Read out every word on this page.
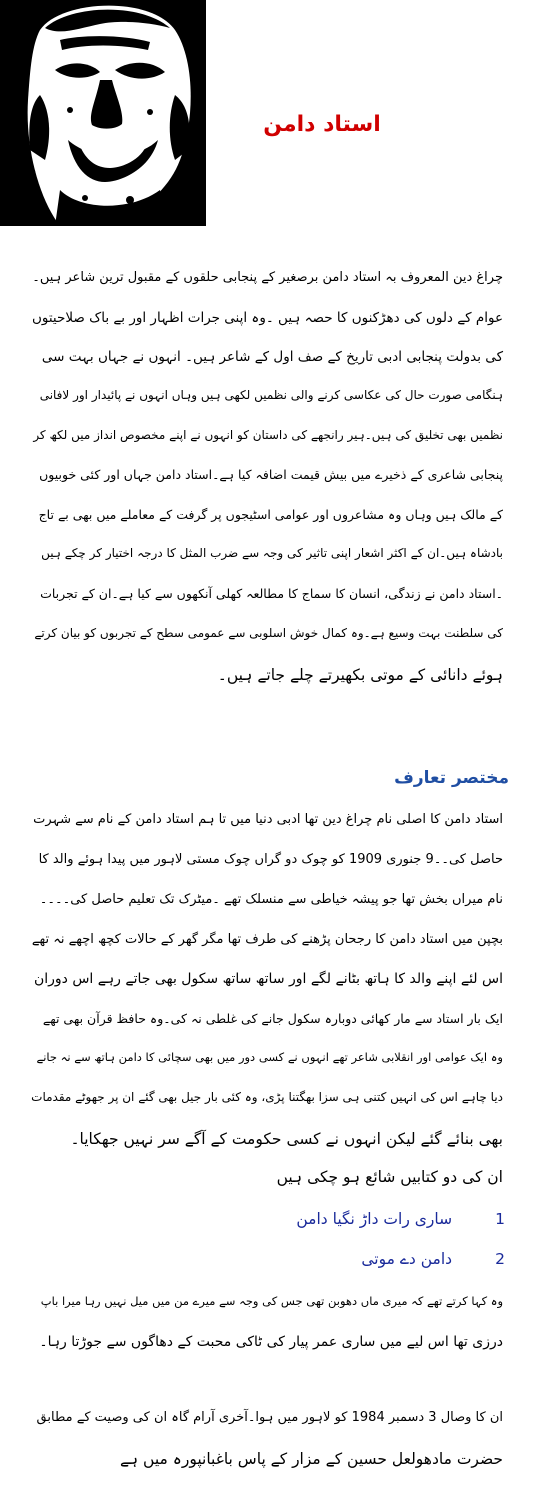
استاد دامن

چراغ دین المعروف بہ استاد دامن برصغیر کے پنجابی حلقوں کے مقبول ترین شاعر ہیں۔

عوام کے دلوں کی دھڑکنوں کا حصہ ہیں ۔وہ اپنی جرات اظہار اور بے باک صلاحیتوں

کی بدولت پنجابی ادبی تاریخ کے صف اول کے شاعر ہیں۔ انہوں نے جہاں بہت سی

ہنگامی صورت حال کی عکاسی کرنے والی نظمیں لکھی ہیں وہاں انہوں نے پائیدار اور لافانی

نظمیں بھی تخلیق کی ہیں۔ہیر رانجھے کی داستان کو انہوں نے اپنے مخصوص انداز میں لکھ کر

پنجابی شاعری کے ذخیرے میں بیش قیمت اضافہ کیا ہے۔استاد دامن جہاں اور کئی خوبیوں

کے مالک ہیں وہاں وہ مشاعروں اور عوامی اسٹیجوں پر گرفت کے معاملے میں بھی بے تاج

بادشاہ ہیں۔ان کے اکثر اشعار اپنی تاثیر کی وجہ سے ضرب المثل کا درجہ اختیار کر چکے ہیں

۔استاد دامن نے زندگی، انسان کا سماج کا مطالعہ کھلی آنکھوں سے کیا ہے۔ان کے تجربات

کی سلطنت بہت وسیع ہے۔وہ کمال خوش اسلوبی سے عمومی سطح کے تجربوں کو بیان کرتے

ہوئے دانائی کے موتی بکھیرتے چلے جاتے ہیں۔

مختصر تعارف

استاد دامن کا اصلی نام چراغ دین تھا ادبی دنیا میں تا ہم استاد دامن کے نام سے شہرت

حاصل کی۔۔9 جنوری 1909 کو چوک دو گراں چوک مستی لاہور میں پیدا ہوئے والد کا

نام میراں بخش تھا جو پیشہ خیاطی سے منسلک تھے ۔میٹرک تک تعلیم حاصل کی۔۔۔۔

بچپن میں استاد دامن کا رجحان پڑھنے کی طرف تھا مگر گھر کے حالات کچھ اچھے نہ تھے

اس لئے اپنے والد کا ہاتھ بٹانے لگے اور ساتھ ساتھ سکول بھی جاتے رہے اس دوران

ایک بار استاد سے مار کھائی دوبارہ سکول جانے کی غلطی نہ کی۔وہ حافظ قرآن بھی تھے

وہ ایک عوامی اور انقلابی شاعر تھے انہوں نے کسی دور میں بھی سچائی کا دامن ہاتھ سے نہ جانے

دیا چاہے اس کی انہیں کتنی ہی سزا بھگتنا پڑی، وہ کئی بار جیل بھی گئے ان پر جھوٹے مقدمات

بھی بنائے گئے لیکن انہوں نے کسی حکومت کے آگے سر نہیں جھکایا۔

ان کی دو کتابیں شائع ہو چکی ہیں

1 ساری رات داڑ نگیا دامن
2 دامن دے موتی

وہ کہا کرتے تھے کہ میری ماں دھوبن تھی جس کی وجہ سے میرے من میں میل نہیں رہا میرا باپ

درزی تھا اس لیے میں ساری عمر پیار کی ٹاکی محبت کے دھاگوں سے جوڑتا رہا۔

ان کا وصال 3 دسمبر 1984 کو لاہور میں ہوا۔آخری آرام گاہ ان کی وصیت کے مطابق

حضرت مادھولعل حسین کے مزار کے پاس باغبانپورہ میں ہے
